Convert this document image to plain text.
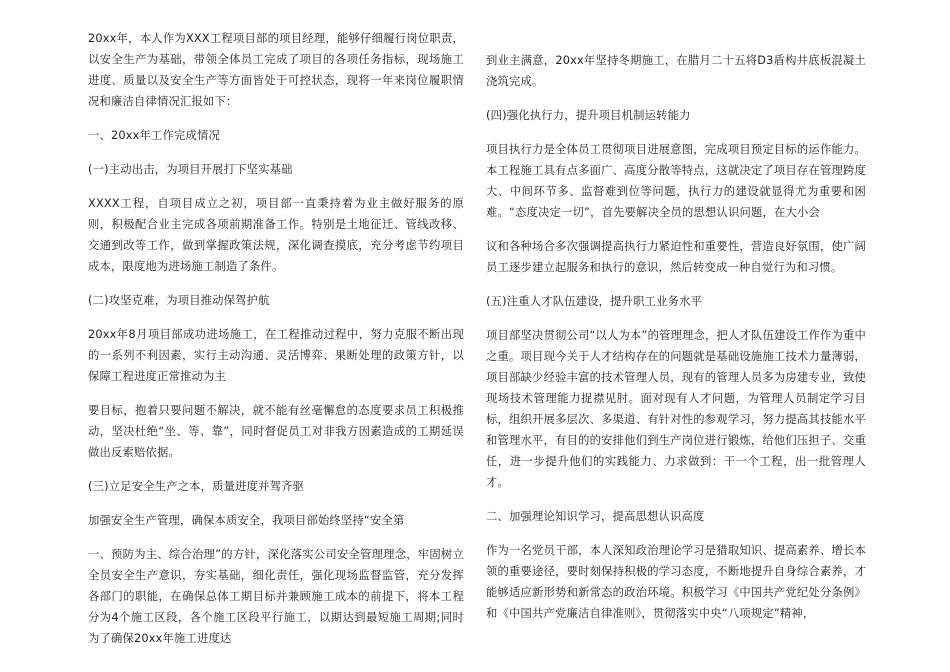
20xx年，本人作为XXX工程项目部的项目经理，能够仔细履行岗位职责，以安全生产为基础，带领全体员工完成了项目的各项任务指标，现场施工进度、质量以及安全生产等方面皆处于可控状态，现将一年来岗位履职情况和廉洁自律情况汇报如下：

一、20xx年工作完成情况

(一)主动出击，为项目开展打下坚实基础

XXXX工程，自项目成立之初，项目部一直秉持着为业主做好服务的原则，积极配合业主完成各项前期准备工作。特别是土地征迁、管线改移、交通到改等工作，做到掌握政策法规，深化调查摸底，充分考虑节约项目成本，限度地为进场施工制造了条件。

(二)攻坚克难，为项目推动保驾护航

20xx年8月项目部成功进场施工，在工程推动过程中，努力克服不断出现的一系列不利因素，实行主动沟通、灵活博弈、果断处理的政策方针，以保障工程进度正常推动为主

要目标，抱着只要问题不解决，就不能有丝毫懈怠的态度要求员工积极推动，坚决杜绝“坐、等、靠”，同时督促员工对非我方因素造成的工期延误做出反索赔依据。

(三)立足安全生产之本，质量进度并驾齐驱

加强安全生产管理，确保本质安全，我项目部始终坚持“安全第

一、预防为主、综合治理”的方针，深化落实公司安全管理理念，牢固树立全员安全生产意识，夯实基础，细化责任，强化现场监督监管，充分发挥各部门的职能，在确保总体工期目标并兼顾施工成本的前提下，将本工程分为4个施工区段，各个施工区段平行施工，以期达到最短施工周期;同时为了确保20xx年施工进度达

到业主满意，20xx年坚持冬期施工，在腊月二十五将D3盾构井底板混凝土浇筑完成。

(四)强化执行力，提升项目机制运转能力

项目执行力是全体员工贯彻项目进展意图，完成项目预定目标的运作能力。本工程施工具有点多面广、高度分散等特点，这就决定了项目存在管理跨度大、中间环节多、监督难到位等问题，执行力的建设就显得尤为重要和困难。“态度决定一切”，首先要解决全员的思想认识问题，在大小会

议和各种场合多次强调提高执行力紧迫性和重要性，营造良好氛围，使广阔员工逐步建立起服务和执行的意识，然后转变成一种自觉行为和习惯。

(五)注重人才队伍建设，提升职工业务水平

项目部坚决贯彻公司“以人为本”的管理理念，把人才队伍建设工作作为重中之重。项目现今关于人才结构存在的问题就是基础设施施工技术力量薄弱，项目部缺少经验丰富的技术管理人员，现有的管理人员多为房建专业，致使现场技术管理能力捉襟见肘。面对现有人才问题，为管理人员制定学习目标，组织开展多层次、多渠道、有针对性的参观学习，努力提高其技能水平和管理水平，有目的的安排他们到生产岗位进行锻炼，给他们压担子、交重任，进一步提升他们的实践能力、力求做到：干一个工程，出一批管理人才。

二、加强理论知识学习，提高思想认识高度

作为一名党员干部，本人深知政治理论学习是猎取知识、提高素养、增长本领的重要途径，要时刻保持积极的学习态度，不断地提升自身综合素养，才能够适应新形势和新常态的政治环境。积极学习《中国共产党纪处分条例》和《中国共产党廉洁自律准则》，贯彻落实中央“八项规定”精神，
